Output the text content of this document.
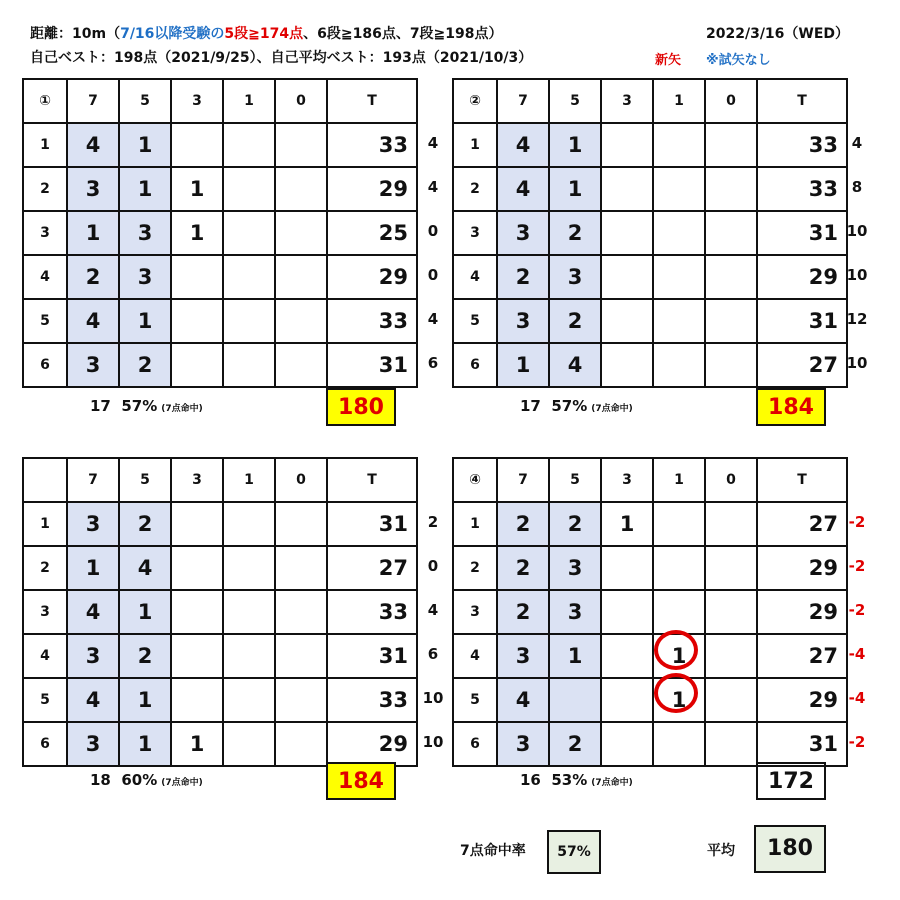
距離：10m（7/16以降受験の5段≧174点、6段≧186点、7段≧198点）	2022/3/16（WED）
自己ベスト：198点（2021/9/25）、自己平均ベスト：193点（2021/10/3）	新矢 ※試矢なし
4
4
0
0
4
6
①	7	5	3	1	0	T
1	4	1				33
2	3	1	1			29
3	1	3	1			25
4	2	3				29
5	4	1				33
6	3	2				31
17 57% (7点命中)	180
4
8
10
10
12
10
②	7	5	3	1	0	T
1	4	1				33
2	4	1				33
3	3	2				31
4	2	3				29
5	3	2				31
6	1	4				27
17 57% (7点命中)	184
2
0
4
6
10
10
	7	5	3	1	0	T
1	3	2				31
2	1	4				27
3	4	1				33
4	3	2				31
5	4	1				33
6	3	1	1			29
18 60% (7点命中)	184
-2
-2
-2
-4
-4
-2
④	7	5	3	1	0	T
1	2	2	1			27
2	2	3				29
3	2	3				29
4	3	1		1		27
5	4			1		29
6	3	2				31
16 53% (7点命中)	172
7点命中率	57%	平均	180
